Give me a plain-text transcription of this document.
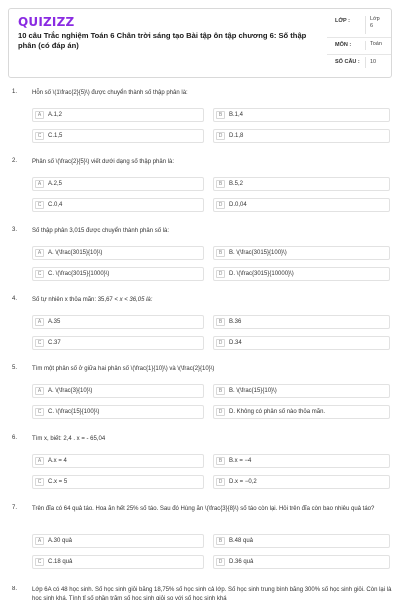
QUIZIZZ
10 câu Trắc nghiệm Toán 6 Chân trời sáng tạo Bài tập ôn tập chương 6: Số thập phân (có đáp án)
LỚP :	Lớp
6
MÔN :	Toán
SỐ CÂU :	10
1. Hỗn số \(1\frac{2}{5}\) được chuyển thành số thập phân là:
A	A.1,2	B	B.1,4
C	C.1,5	D	D.1,8
2. Phân số \(\frac{2}{5}\) viết dưới dạng số thập phân là:
A	A.2,5	B	B.5,2
C	C.0,4	D	D.0,04
3. Số thập phân 3,015 được chuyển thành phân số là:
A	A. \(\frac{3015}{10}\)	B	B. \(\frac{3015}{100}\)
C	C. \(\frac{3015}{1000}\)	D	D. \(\frac{3015}{10000}\)
4. Số tự nhiên x thỏa mãn: 35,67 < x < 36,05 là:
A	A.35	B	B.36
C	C.37	D	D.34
5. Tìm một phân số ở giữa hai phân số \(\frac{1}{10}\) và \(\frac{2}{10}\)
A	A. \(\frac{3}{10}\)	B	B. \(\frac{15}{10}\)
C	C. \(\frac{15}{100}\)	D	D. Không có phân số nào thỏa mãn.
6. Tìm x, biết: 2,4 . x = - 65,04
A	A.x = 4	B	B.x = −4
C	C.x = 5	D	D.x = −0,2
7. Trên đĩa có 64 quả táo. Hoa ăn hết 25% số táo. Sau đó Hùng ăn \(\frac{3}{8}\) số táo còn lại. Hỏi trên đĩa còn bao nhiêu quả táo?
A	A.30 quả	B	B.48 quả
C	C.18 quả	D	D.36 quả
8. Lớp 6A có 48 học sinh. Số học sinh giỏi bằng 18,75% số học sinh cả lớp. Số học sinh trung bình bằng 300% số học sinh giỏi. Còn lại là học sinh khá. Tính tỉ số phần trăm số học sinh giỏi so với số học sinh khá
